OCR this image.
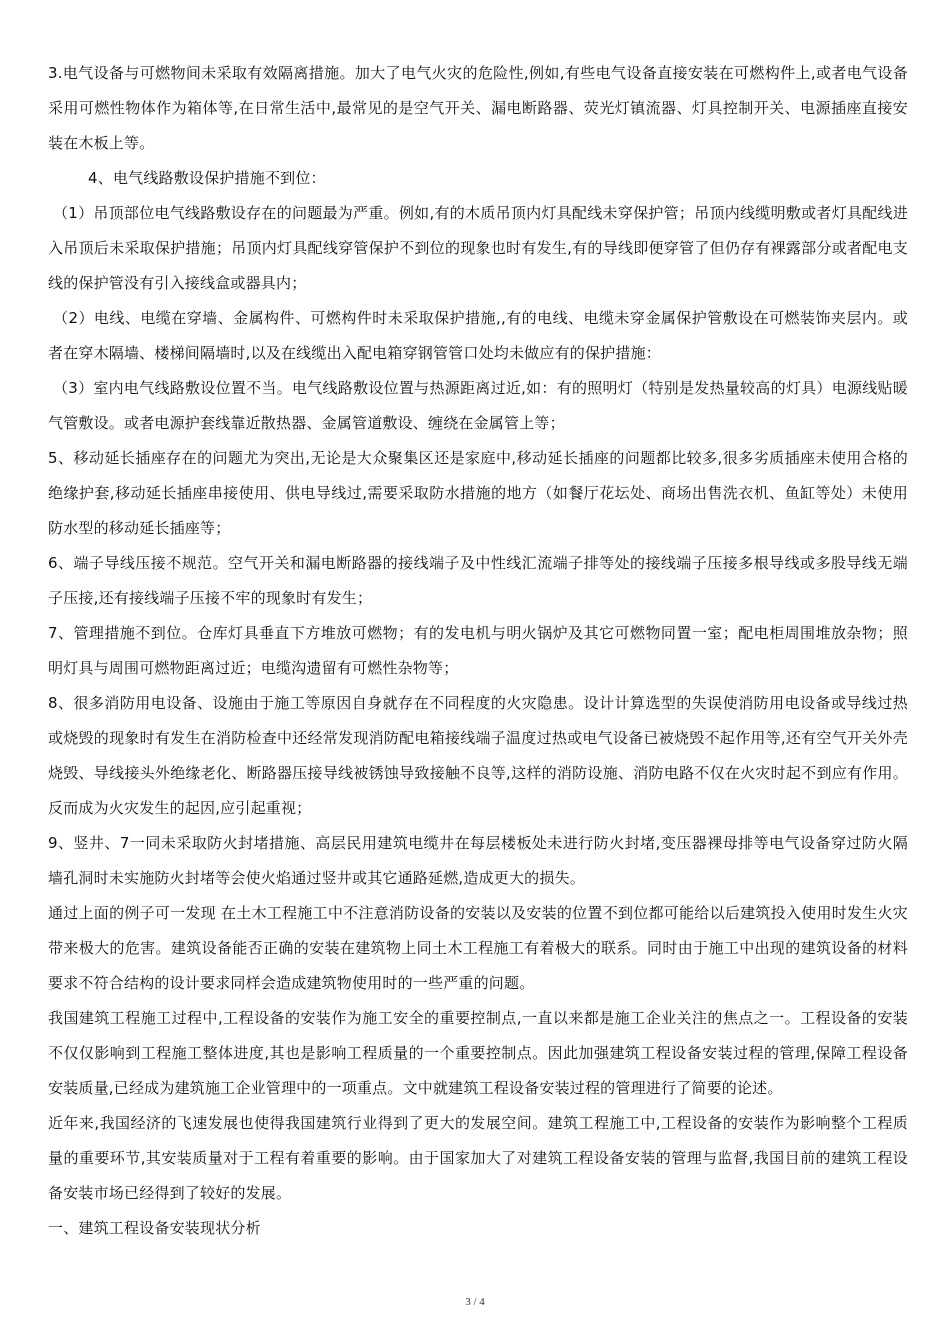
3.电气设备与可燃物间未采取有效隔离措施。加大了电气火灾的危险性,例如,有些电气设备直接安装在可燃构件上,或者电气设备采用可燃性物体作为箱体等,在日常生活中,最常见的是空气开关、漏电断路器、荧光灯镇流器、灯具控制开关、电源插座直接安装在木板上等。

4、电气线路敷设保护措施不到位：

（1）吊顶部位电气线路敷设存在的问题最为严重。例如,有的木质吊顶内灯具配线未穿保护管；吊顶内线缆明敷或者灯具配线进入吊顶后未采取保护措施；吊顶内灯具配线穿管保护不到位的现象也时有发生,有的导线即便穿管了但仍存有裸露部分或者配电支线的保护管没有引入接线盒或器具内；

（2）电线、电缆在穿墙、金属构件、可燃构件时未采取保护措施,,有的电线、电缆未穿金属保护管敷设在可燃装饰夹层内。或者在穿木隔墙、楼梯间隔墙时,以及在线缆出入配电箱穿钢管管口处均未做应有的保护措施：

（3）室内电气线路敷设位置不当。电气线路敷设位置与热源距离过近,如：有的照明灯（特别是发热量较高的灯具）电源线贴暖气管敷设。或者电源护套线靠近散热器、金属管道敷设、缠绕在金属管上等；

5、移动延长插座存在的问题尤为突出,无论是大众聚集区还是家庭中,移动延长插座的问题都比较多,很多劣质插座未使用合格的绝缘护套,移动延长插座串接使用、供电导线过,需要采取防水措施的地方（如餐厅花坛处、商场出售洗衣机、鱼缸等处）未使用防水型的移动延长插座等；

6、端子导线压接不规范。空气开关和漏电断路器的接线端子及中性线汇流端子排等处的接线端子压接多根导线或多股导线无端子压接,还有接线端子压接不牢的现象时有发生；

7、管理措施不到位。仓库灯具垂直下方堆放可燃物；有的发电机与明火锅炉及其它可燃物同置一室；配电柜周围堆放杂物；照明灯具与周围可燃物距离过近；电缆沟遗留有可燃性杂物等；

8、很多消防用电设备、设施由于施工等原因自身就存在不同程度的火灾隐患。设计计算选型的失误使消防用电设备或导线过热或烧毁的现象时有发生在消防检查中还经常发现消防配电箱接线端子温度过热或电气设备已被烧毁不起作用等,还有空气开关外壳烧毁、导线接头外绝缘老化、断路器压接导线被锈蚀导致接触不良等,这样的消防设施、消防电路不仅在火灾时起不到应有作用。反而成为火灾发生的起因,应引起重视；

9、竖井、7一同未采取防火封堵措施、高层民用建筑电缆井在每层楼板处未进行防火封堵,变压器裸母排等电气设备穿过防火隔墙孔洞时未实施防火封堵等会使火焰通过竖井或其它通路延燃,造成更大的损失。

通过上面的例子可一发现 在土木工程施工中不注意消防设备的安装以及安装的位置不到位都可能给以后建筑投入使用时发生火灾带来极大的危害。建筑设备能否正确的安装在建筑物上同土木工程施工有着极大的联系。同时由于施工中出现的建筑设备的材料要求不符合结构的设计要求同样会造成建筑物使用时的一些严重的问题。

我国建筑工程施工过程中,工程设备的安装作为施工安全的重要控制点,一直以来都是施工企业关注的焦点之一。工程设备的安装不仅仅影响到工程施工整体进度,其也是影响工程质量的一个重要控制点。因此加强建筑工程设备安装过程的管理,保障工程设备安装质量,已经成为建筑施工企业管理中的一项重点。文中就建筑工程设备安装过程的管理进行了简要的论述。

近年来,我国经济的飞速发展也使得我国建筑行业得到了更大的发展空间。建筑工程施工中,工程设备的安装作为影响整个工程质量的重要环节,其安装质量对于工程有着重要的影响。由于国家加大了对建筑工程设备安装的管理与监督,我国目前的建筑工程设备安装市场已经得到了较好的发展。

一、建筑工程设备安装现状分析

3 / 4
